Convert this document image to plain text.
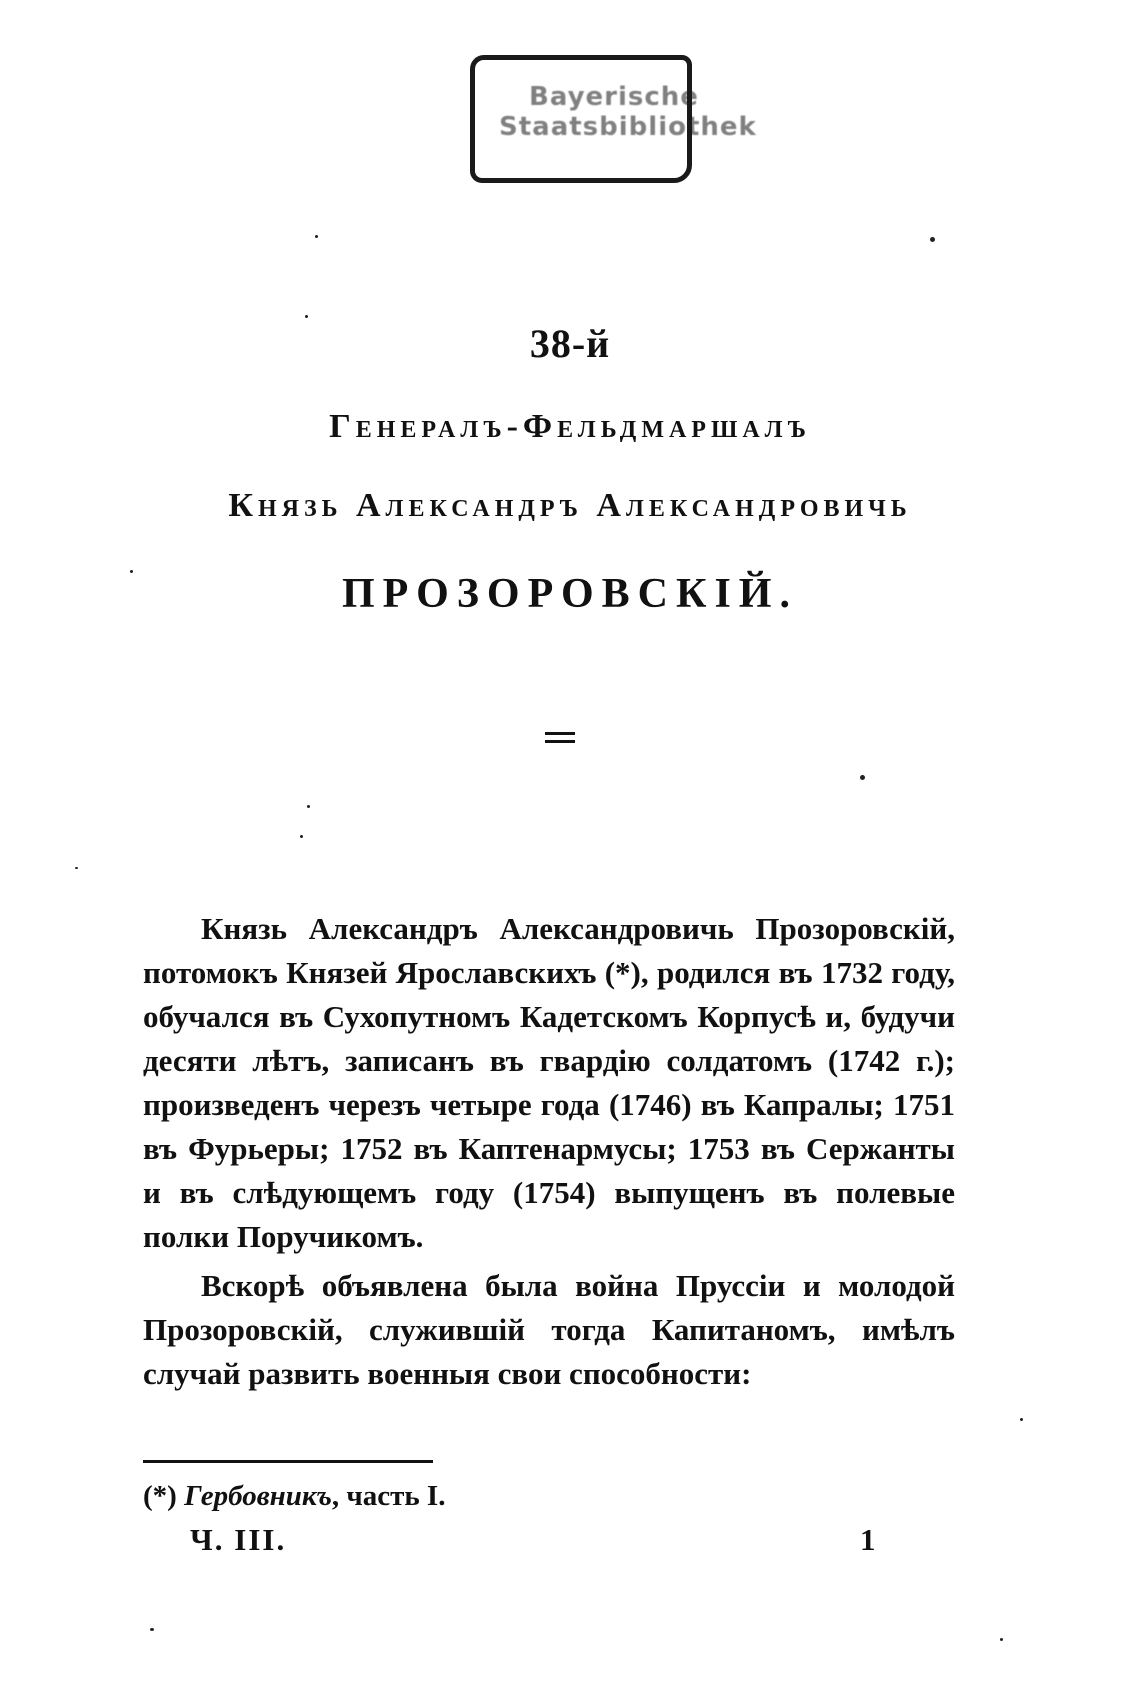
Bayerische
Staatsbibliothek
38-й
Генералъ-Фельдмаршалъ
Князь Александръ Александровичь
ПРОЗОРОВСКІЙ.

Князь Александръ Александровичь Прозоровскій, потомокъ Князей Ярославскихъ (*), родился въ 1732 году, обучался въ Сухопутномъ Кадетскомъ Корпусѣ и, будучи десяти лѣтъ, записанъ въ гвардію солдатомъ (1742 г.); произведенъ черезъ четыре года (1746) въ Капралы; 1751 въ Фурьеры; 1752 въ Каптенармусы; 1753 въ Сержанты и въ слѣдующемъ году (1754) выпущенъ въ полевые полки Поручикомъ.

Вскорѣ объявлена была война Пруссіи и молодой Прозоровскій, служившій тогда Капитаномъ, имѣлъ случай развить военныя свои способности:

(*) Гербовникъ, часть I.
Ч. III.	1
